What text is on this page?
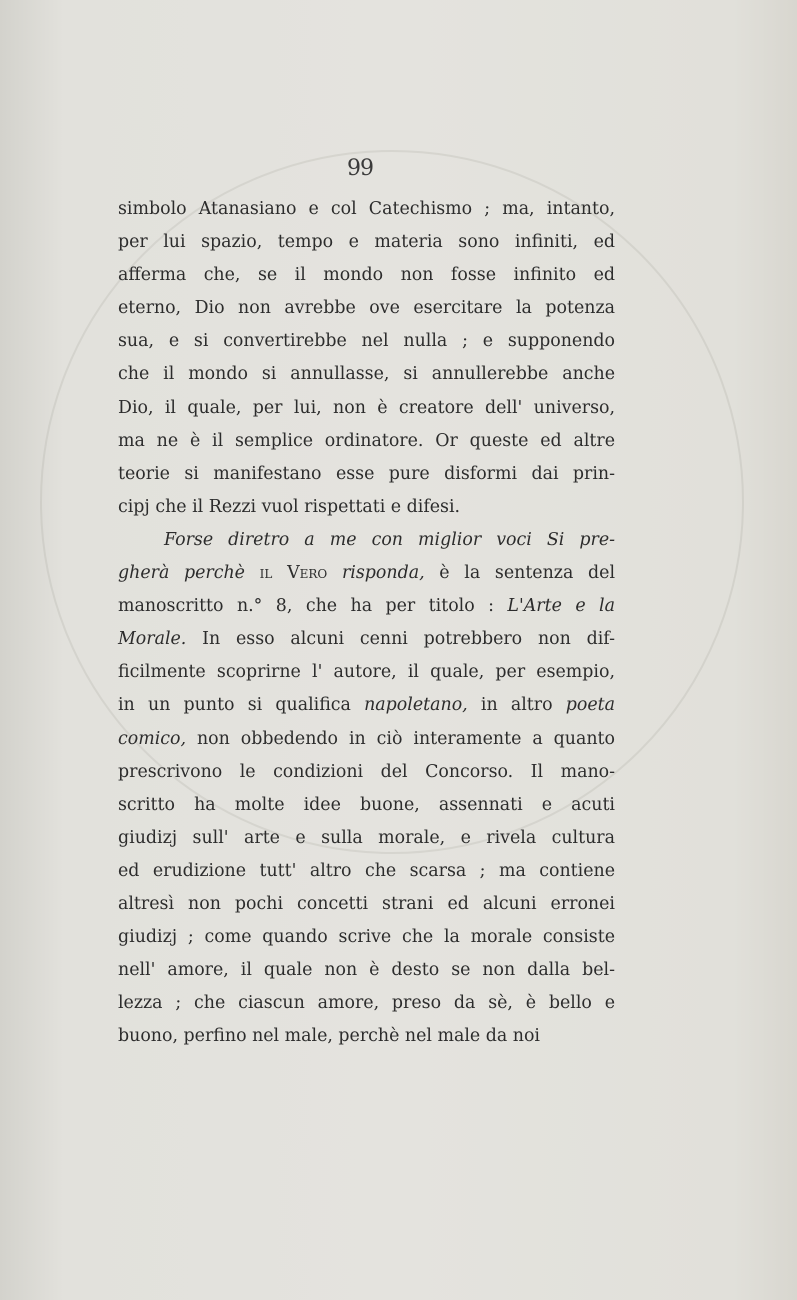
99
simbolo Atanasiano e col Catechismo ; ma, intanto,
per lui spazio, tempo e materia sono infiniti, ed
afferma che, se il mondo non fosse infinito ed
eterno, Dio non avrebbe ove esercitare la potenza
sua, e si convertirebbe nel nulla ; e supponendo
che il mondo si annullasse, si annullerebbe anche
Dio, il quale, per lui, non è creatore dell' universo,
ma ne è il semplice ordinatore. Or queste ed altre
teorie si manifestano esse pure disformi dai prin-
cipj che il Rezzi vuol rispettati e difesi.
Forse diretro a me con miglior voci Si pre-
gherà perchè il Vero risponda, è la sentenza del
manoscritto n.° 8, che ha per titolo : L'Arte e la
Morale. In esso alcuni cenni potrebbero non dif-
ficilmente scoprirne l' autore, il quale, per esempio,
in un punto si qualifica napoletano, in altro poeta
comico, non obbedendo in ciò interamente a quanto
prescrivono le condizioni del Concorso. Il mano-
scritto ha molte idee buone, assennati e acuti
giudizj sull' arte e sulla morale, e rivela cultura
ed erudizione tutt' altro che scarsa ; ma contiene
altresì non pochi concetti strani ed alcuni erronei
giudizj ; come quando scrive che la morale consiste
nell' amore, il quale non è desto se non dalla bel-
lezza ; che ciascun amore, preso da sè, è bello e
buono, perfino nel male, perchè nel male da noi
